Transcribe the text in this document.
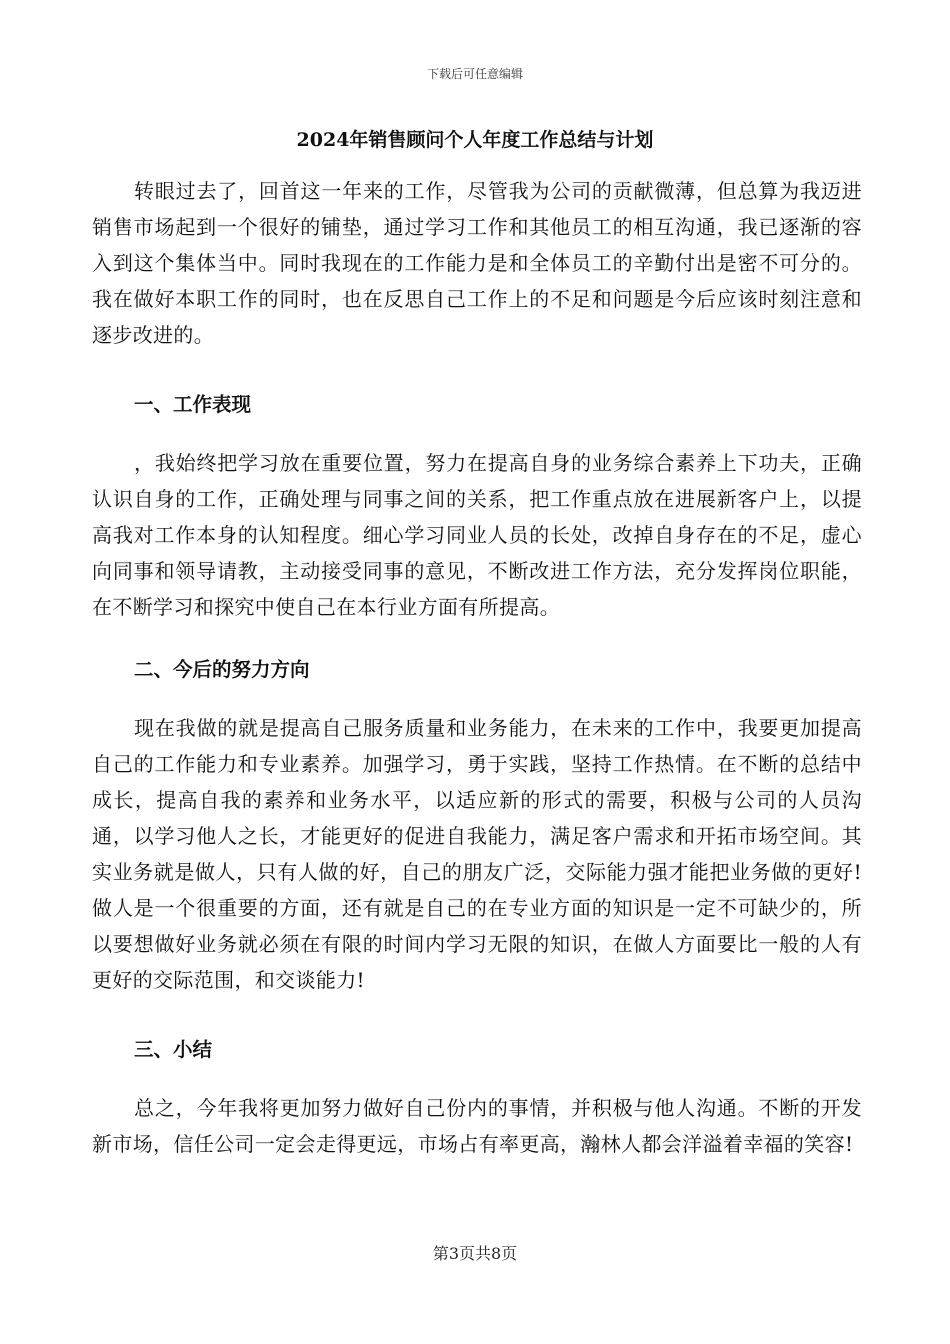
下载后可任意编辑
2024年销售顾问个人年度工作总结与计划

转眼过去了，回首这一年来的工作，尽管我为公司的贡献微薄，但总算为我迈进销售市场起到一个很好的铺垫，通过学习工作和其他员工的相互沟通，我已逐渐的容入到这个集体当中。同时我现在的工作能力是和全体员工的辛勤付出是密不可分的。我在做好本职工作的同时，也在反思自己工作上的不足和问题是今后应该时刻注意和逐步改进的。

一、工作表现

，我始终把学习放在重要位置，努力在提高自身的业务综合素养上下功夫，正确认识自身的工作，正确处理与同事之间的关系，把工作重点放在进展新客户上，以提高我对工作本身的认知程度。细心学习同业人员的长处，改掉自身存在的不足，虚心向同事和领导请教，主动接受同事的意见，不断改进工作方法，充分发挥岗位职能，在不断学习和探究中使自己在本行业方面有所提高。

二、今后的努力方向

现在我做的就是提高自己服务质量和业务能力，在未来的工作中，我要更加提高自己的工作能力和专业素养。加强学习，勇于实践，坚持工作热情。在不断的总结中成长，提高自我的素养和业务水平，以适应新的形式的需要，积极与公司的人员沟通，以学习他人之长，才能更好的促进自我能力，满足客户需求和开拓市场空间。其实业务就是做人，只有人做的好，自己的朋友广泛，交际能力强才能把业务做的更好!做人是一个很重要的方面，还有就是自己的在专业方面的知识是一定不可缺少的，所以要想做好业务就必须在有限的时间内学习无限的知识，在做人方面要比一般的人有更好的交际范围，和交谈能力!

三、小结

总之，今年我将更加努力做好自己份内的事情，并积极与他人沟通。不断的开发新市场，信任公司一定会走得更远，市场占有率更高，瀚林人都会洋溢着幸福的笑容!

第3页共8页
